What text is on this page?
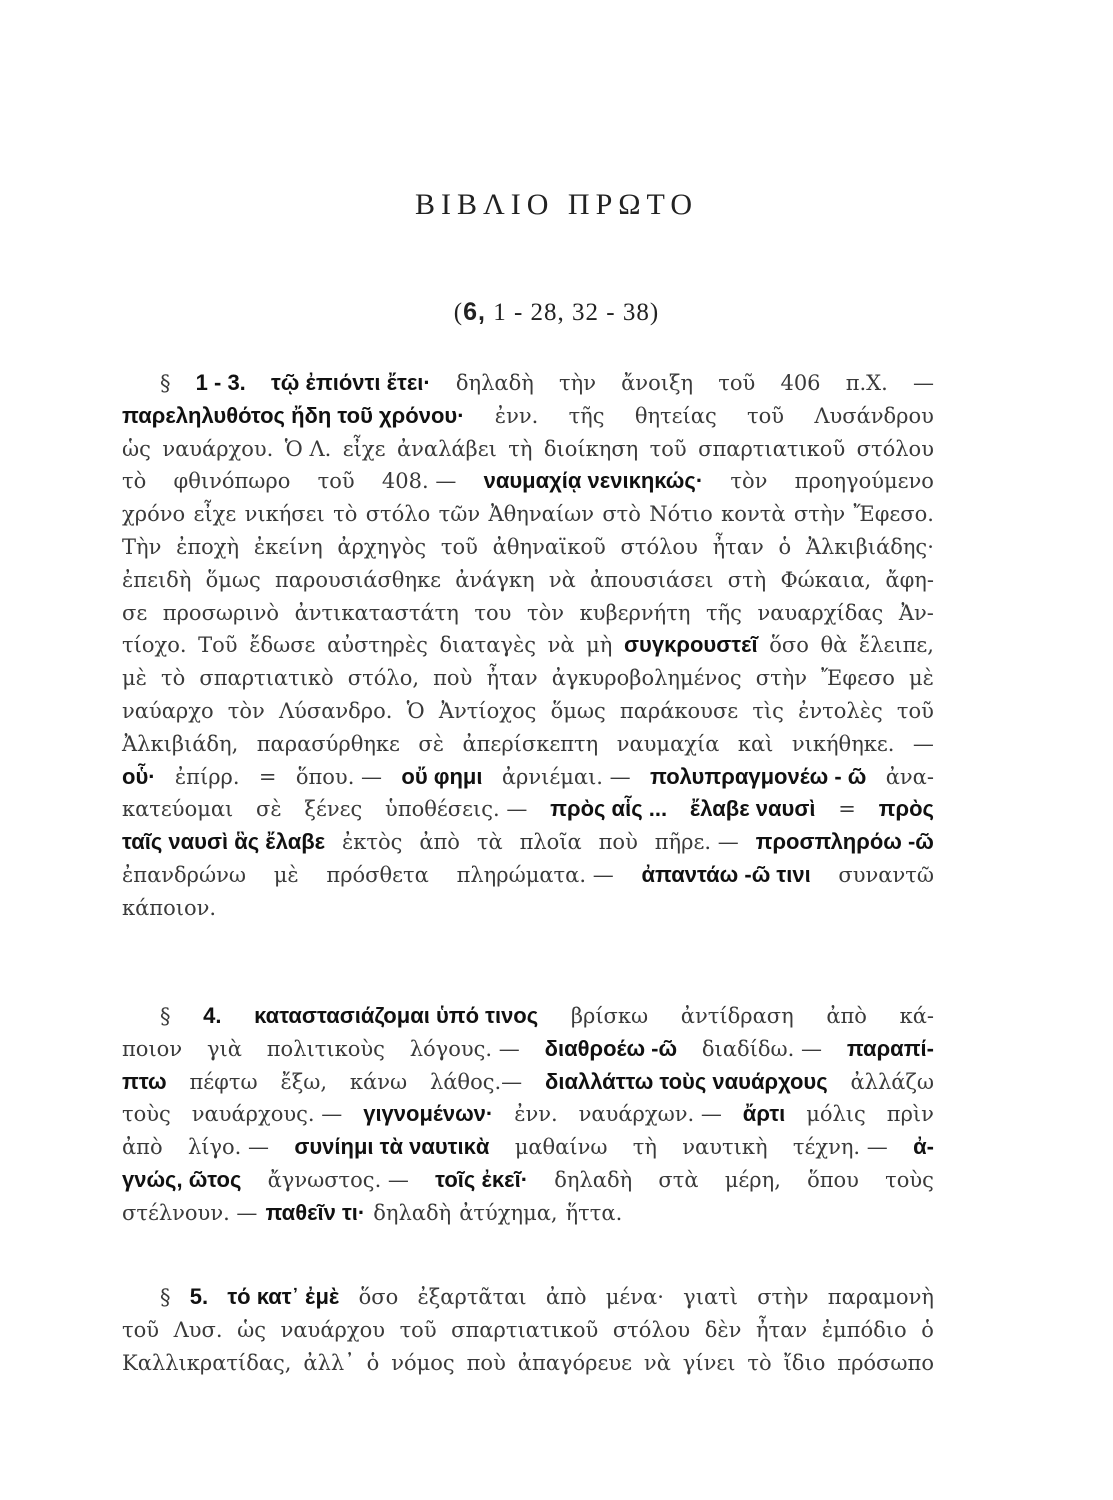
ΒΙΒΛΙΟ ΠΡΩΤΟ
(6, 1 - 28, 32 - 38)
§ 1 - 3. τῷ ἐπιόντι ἔτει· δηλαδὴ τὴν ἄνοιξη τοῦ 406 π.Χ. —
παρεληλυθότος ἤδη τοῦ χρόνου· ἐνν. τῆς θητείας τοῦ Λυσάνδρου
ὡς ναυάρχου. Ὁ Λ. εἶχε ἀναλάβει τὴ διοίκηση τοῦ σπαρτιατικοῦ στόλου
τὸ φθινόπωρο τοῦ 408. — ναυμαχίᾳ νενικηκώς· τὸν προηγούμενο
χρόνο εἶχε νικήσει τὸ στόλο τῶν Ἀθηναίων στὸ Νότιο κοντὰ στὴν Ἔφεσο.
Τὴν ἐποχὴ ἐκείνη ἀρχηγὸς τοῦ ἀθηναϊκοῦ στόλου ἦταν ὁ Ἀλκιβιάδης·
ἐπειδὴ ὅμως παρουσιάσθηκε ἀνάγκη νὰ ἀπουσιάσει στὴ Φώκαια, ἄφη-
σε προσωρινὸ ἀντικαταστάτη του τὸν κυβερνήτη τῆς ναυαρχίδας Ἀν-
τίοχο. Τοῦ ἔδωσε αὐστηρὲς διαταγὲς νὰ μὴ συγκρουστεῖ ὅσο θὰ ἔλειπε,
μὲ τὸ σπαρτιατικὸ στόλο, ποὺ ἦταν ἀγκυροβολημένος στὴν Ἔφεσο μὲ
ναύαρχο τὸν Λύσανδρο. Ὁ Ἀντίοχος ὅμως παράκουσε τὶς ἐντολὲς τοῦ
Ἀλκιβιάδη, παρασύρθηκε σὲ ἀπερίσκεπτη ναυμαχία καὶ νικήθηκε. —
οὗ· ἐπίρρ. = ὅπου. — οὔ φημι ἀρνιέμαι. — πολυπραγμονέω - ῶ ἀνα-
κατεύομαι σὲ ξένες ὑποθέσεις. — πρὸς αἷς ... ἔλαβε ναυσὶ = πρὸς
ταῖς ναυσὶ ἃς ἔλαβε ἐκτὸς ἀπὸ τὰ πλοῖα ποὺ πῆρε. — προσπληρόω -ῶ
ἐπανδρώνω μὲ πρόσθετα πληρώματα. — ἀπαντάω -ῶ τινι συναντῶ
κάποιον.
§ 4. καταστασιάζομαι ὑπό τινος βρίσκω ἀντίδραση ἀπὸ κά-
ποιον γιὰ πολιτικοὺς λόγους. — διαθροέω -ῶ διαδίδω. — παραπί-
πτω πέφτω ἔξω, κάνω λάθος.— διαλλάττω τοὺς ναυάρχους ἀλλάζω
τοὺς ναυάρχους. — γιγνομένων· ἐνν. ναυάρχων. — ἄρτι μόλις πρὶν
ἀπὸ λίγο. — συνίημι τὰ ναυτικὰ μαθαίνω τὴ ναυτικὴ τέχνη. — ἀ-
γνώς, ῶτος ἄγνωστος. — τοῖς ἐκεῖ· δηλαδὴ στὰ μέρη, ὅπου τοὺς
στέλνουν. — παθεῖν τι· δηλαδὴ ἀτύχημα, ἥττα.
§ 5. τό κατ᾽ ἐμὲ ὅσο ἐξαρτᾶται ἀπὸ μένα· γιατὶ στὴν παραμονὴ
τοῦ Λυσ. ὡς ναυάρχου τοῦ σπαρτιατικοῦ στόλου δὲν ἦταν ἐμπόδιο ὁ
Καλλικρατίδας, ἀλλ᾽ ὁ νόμος ποὺ ἀπαγόρευε νὰ γίνει τὸ ἴδιο πρόσωπο
